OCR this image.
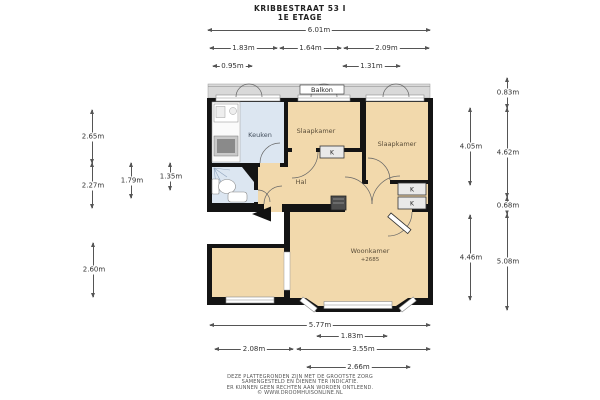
KRIBBESTRAAT 53 I
1E ETAGE
6.01m
1.83m	1.64m	2.09m
0.95m	1.31m
2.65m
2.27m
1.79m 1.35m
2.60m
4.05m
0.83m
4.62m
0.68m
4.46m
5.08m
5.77m
1.83m
2.08m	3.55m
2.66m
K
K
K
Balkon
Keuken	Slaapkamer
Slaapkamer
Hal
Woonkamer
+2685
DEZE PLATTEGRONDEN ZIJN MET DE GROOTSTE ZORG
SAMENGESTELD EN DIENEN TER INDICATIE.
ER KUNNEN GEEN RECHTEN AAN WORDEN ONTLEEND.
© WWW.DROOMHUISONLINE.NL
